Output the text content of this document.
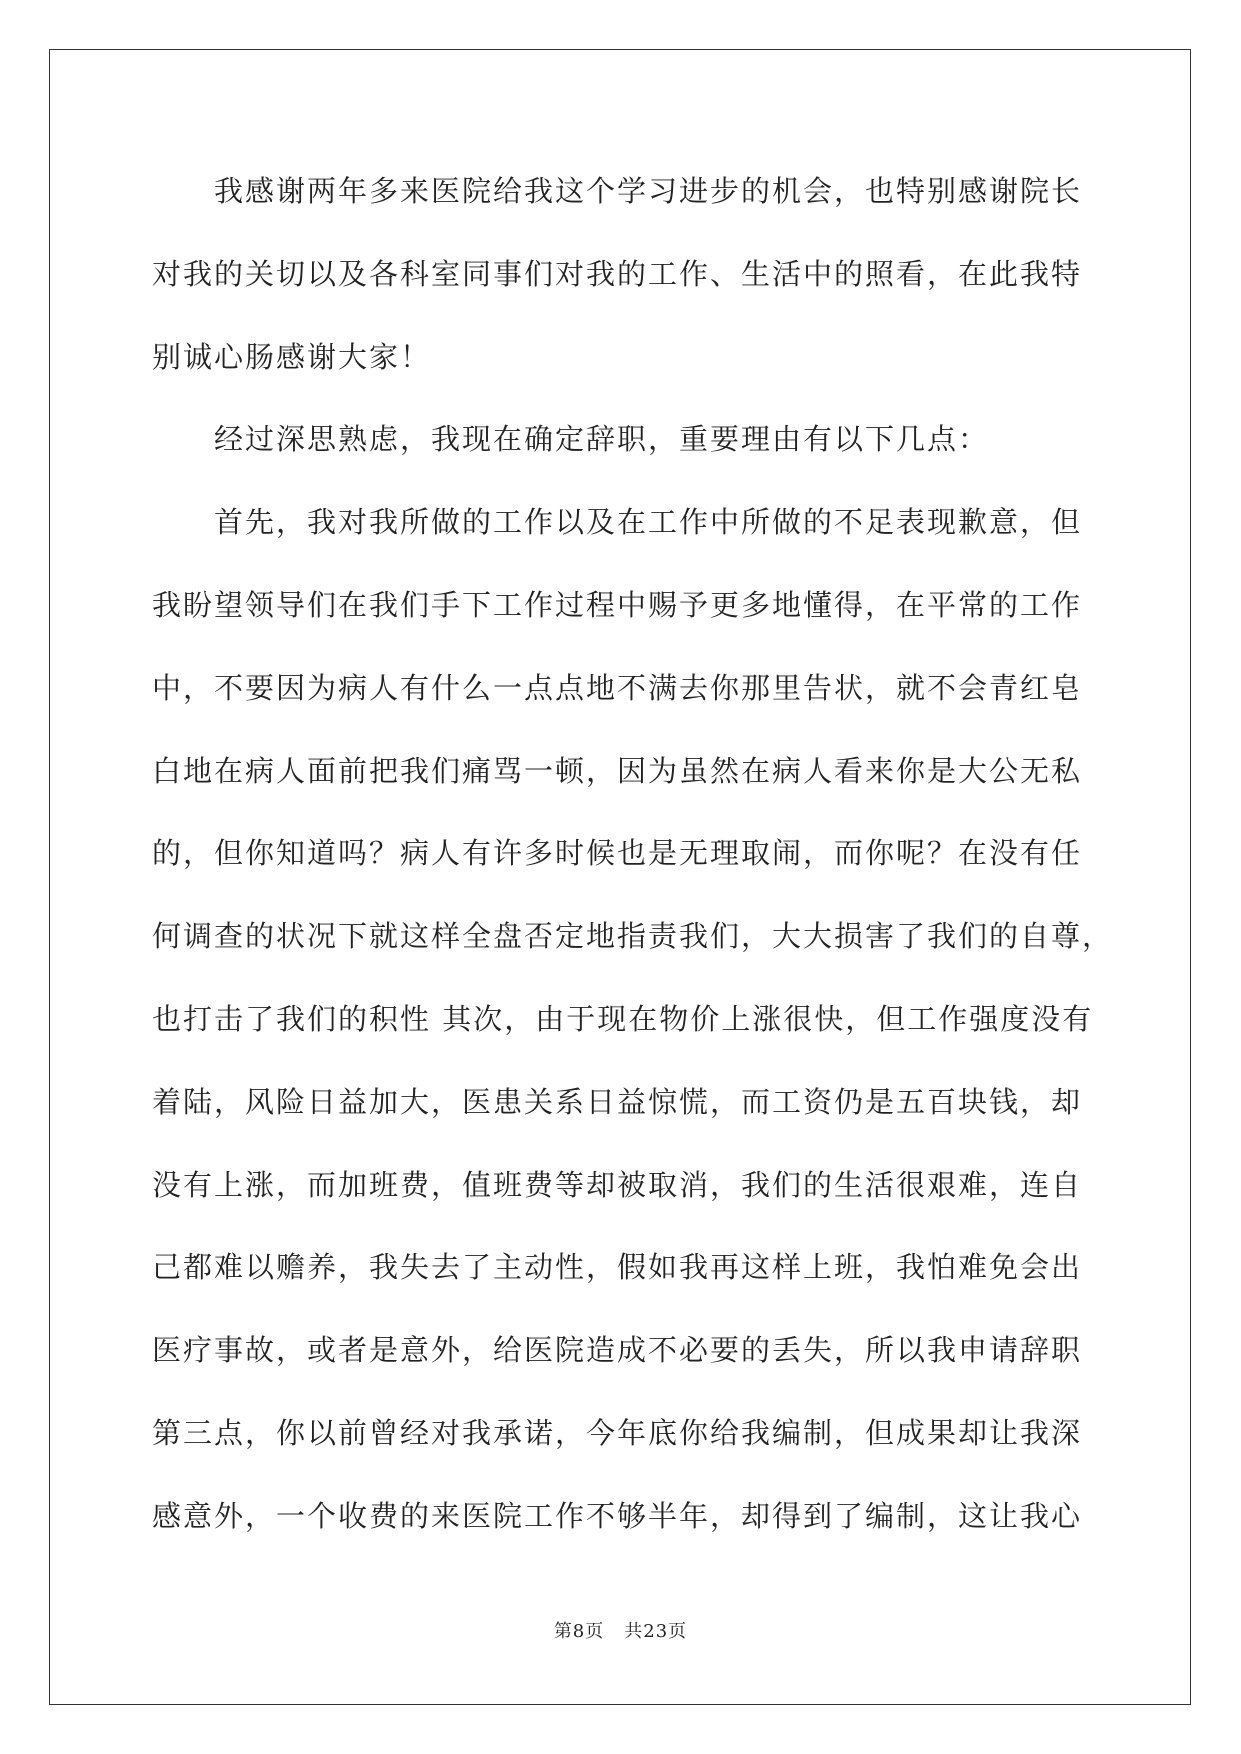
我感谢两年多来医院给我这个学习进步的机会，也特别感谢院长
对我的关切以及各科室同事们对我的工作、生活中的照看，在此我特
别诚心肠感谢大家！
经过深思熟虑，我现在确定辞职，重要理由有以下几点：
首先，我对我所做的工作以及在工作中所做的不足表现歉意，但
我盼望领导们在我们手下工作过程中赐予更多地懂得，在平常的工作
中，不要因为病人有什么一点点地不满去你那里告状，就不会青红皂
白地在病人面前把我们痛骂一顿，因为虽然在病人看来你是大公无私
的，但你知道吗？病人有许多时候也是无理取闹，而你呢？在没有任
何调查的状况下就这样全盘否定地指责我们，大大损害了我们的自尊，
也打击了我们的积性 其次，由于现在物价上涨很快，但工作强度没有
着陆，风险日益加大，医患关系日益惊慌，而工资仍是五百块钱，却
没有上涨，而加班费，值班费等却被取消，我们的生活很艰难，连自
己都难以赡养，我失去了主动性，假如我再这样上班，我怕难免会出
医疗事故，或者是意外，给医院造成不必要的丢失，所以我申请辞职
第三点，你以前曾经对我承诺，今年底你给我编制，但成果却让我深
感意外，一个收费的来医院工作不够半年，却得到了编制，这让我心
第8页 共23页
